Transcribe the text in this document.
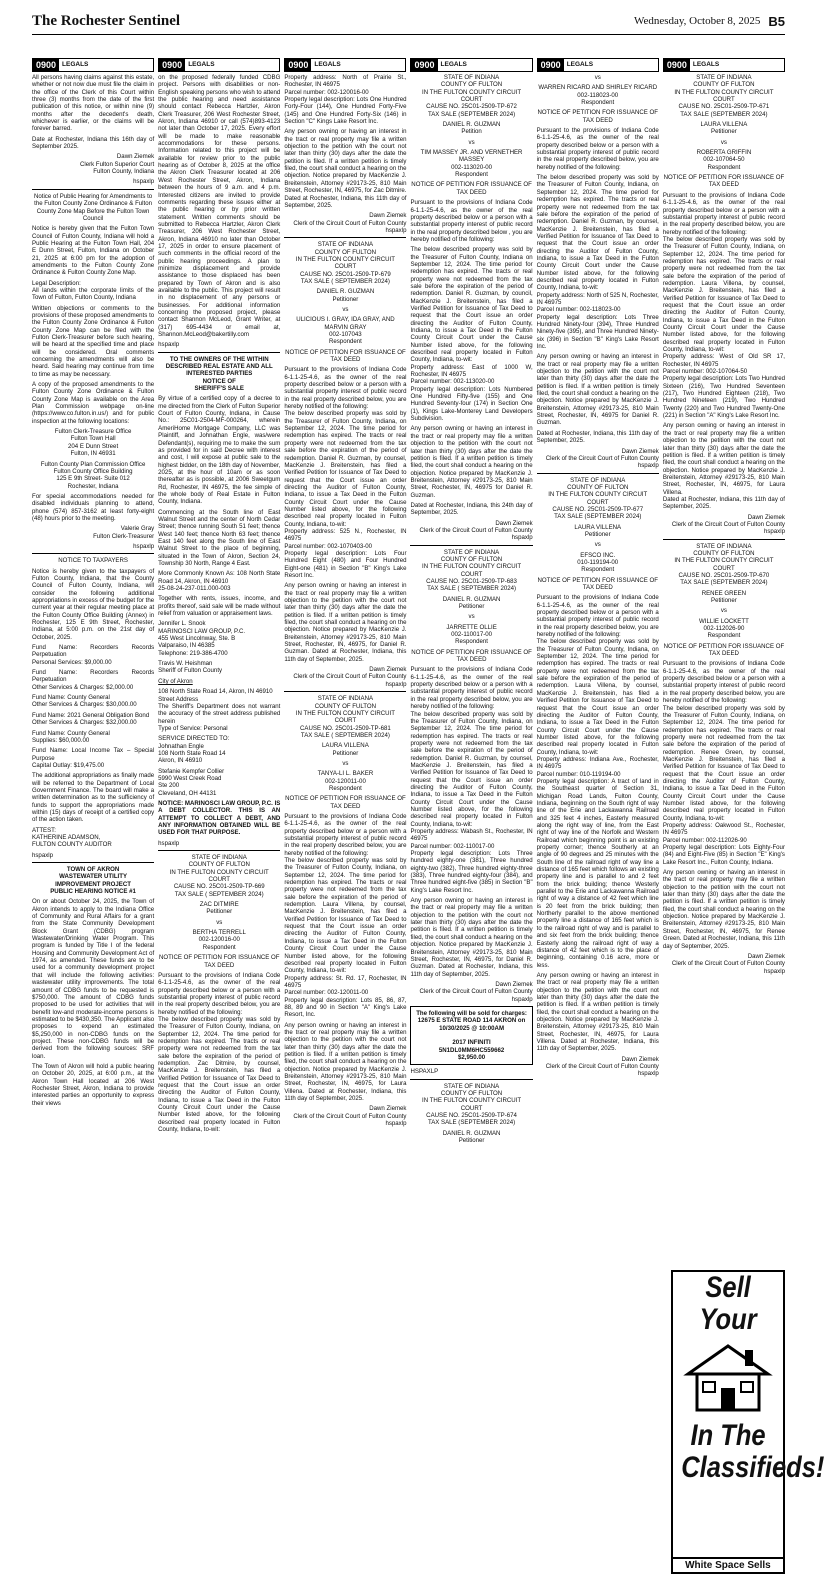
The Rochester Sentinel	Wednesday, October 8, 2025 B5
0900 LEGALS

All persons having claims against this estate, whether or not now due must file the claim in the office of the Clerk of this Court within three (3) months from the date of the first publication of this notice, or within nine (9) months after the decedent's death, whichever is earlier, or the claims will be forever barred.

Date at Rochester, Indiana this 16th day of September 2025.

Dawn Ziemek
Clerk Fulton Superior Court
Fulton County, Indiana

hspaxlp

Notice of Public Hearing for Amendments to the Fulton County Zone Ordinance & Fulton County Zone Map Before the Fulton Town Council

Notice is hereby given that the Fulton Town Council of Fulton County, Indiana will hold a Public Hearing at the Fulton Town Hall, 204 E Dunn Street, Fulton, Indiana on October 21, 2025 at 6:00 pm for the adoption of amendments to the Fulton County Zone Ordinance & Fulton County Zone Map.

Legal Description:
All lands within the corporate limits of the Town of Fulton, Fulton County, Indiana

Written objections or comments to the provisions of these proposed amendments to the Fulton County Zone Ordinance & Fulton County Zone Map can be filed with the Fulton Clerk-Treasurer before such hearing, will be heard at the specified time and place will be considered. Oral comments concerning the amendments will also be heard. Said hearing may continue from time to time as may be necessary.

A copy of the proposed amendments to the Fulton County Zone Ordinance & Fulton County Zone Map is available on the Area Plan Commission webpage on-line (https://www.co.fulton.in.us/) and for public inspection at the following locations:

Fulton Clerk-Treasure Office
Fulton Town Hall
204 E Dunn Street
Fulton, IN 46931

Fulton County Plan Commission Office
Fulton County Office Building
125 E 9th Street- Suite 012
Rochester, Indiana

For special accommodations needed for disabled individuals planning to attend, phone (574) 857-3162 at least forty-eight (48) hours prior to the meeting.

Valerie Gray
Fulton Clerk-Treasurer

hspaxlp

NOTICE TO TAXPAYERS

Notice is hereby given to the taxpayers of Fulton County, Indiana, that the County Council of Fulton County, Indiana, will consider the following additional appropriations in excess of the budget for the current year at their regular meeting place at the Fulton County Office Building (Annex) in Rochester, 125 E 9th Street, Rochester, Indiana, at 5:00 p.m. on the 21st day of October, 2025.

Fund Name: Recorders Records Perpetuation
Personal Services: $9,000.00

Fund Name: Recorders Records Perpetuation
Other Services & Charges: $2,000.00

Fund Name: County General
Other Services & Charges: $30,000.00

Fund Name: 2021 General Obligation Bond
Other Services & Charges: $32,000.00

Fund Name: County General
Supplies: $60,000.00

Fund Name: Local Income Tax – Special Purpose
Capital Outlay: $19,475.00

The additional appropriations as finally made will be referred to the Department of Local Government Finance. The board will make a written determination as to the sufficiency of funds to support the appropriations made within (15) days of receipt of a certified copy of the action taken.

ATTEST:
KATHERINE ADAMSON,
FULTON COUNTY AUDITOR

hspaxlp

TOWN OF AKRON
WASTEWATER UTILITY
IMPROVEMENT PROJECT
PUBLIC HEARING NOTICE #1

On or about October 24, 2025, the Town of Akron intends to apply to the Indiana Office of Community and Rural Affairs for a grant from the State Community Development Block Grant (CDBG) program Wastewater/Drinking Water Program. This program is funded by Title I of the federal Housing and Community Development Act of 1974, as amended. These funds are to be used for a community development project that will include the following activities: wastewater utility improvements. The total amount of CDBG funds to be requested is $750,000. The amount of CDBG funds proposed to be used for activities that will benefit low-and moderate-income persons is estimated to be $430,350. The Applicant also proposes to expend an estimated $5,250,000 in non-CDBG funds on the project. These non-CDBG funds will be derived from the following sources: SRF loan.

The Town of Akron will hold a public hearing on October 20, 2025, at 6:00 p.m., at the Akron Town Hall located at 206 West Rochester Street, Akron, Indiana to provide interested parties an opportunity to express their views

0900 LEGALS

on the proposed federally funded CDBG project. Persons with disabilities or non-English speaking persons who wish to attend the public hearing and need assistance should contact Rebecca Hartzler, Akron Clerk Treasurer, 206 West Rochester Street, Akron, Indiana 46910 or call (574)893-4123 not later than October 17, 2025. Every effort will be made to make reasonable accommodations for these persons. Information related to this project will be available for review prior to the public hearing as of October 8, 2025 at the office the Akron Clerk Treasurer located at 206 West Rochester Street, Akron, Indiana between the hours of 9 a.m. and 4 p.m. Interested citizens are invited to provide comments regarding these issues either at the public hearing or by prior written statement. Written comments should be submitted to Rebecca Hartzler, Akron Clerk Treasurer, 206 West Rochester Street, Akron, Indiana 46910 no later than October 17, 2025 in order to ensure placement of such comments in the official record of the public hearing proceedings. A plan to minimize displacement and provide assistance to those displaced has been prepared by Town of Akron and is also available to the public. This project will result in no displacement of any persons or businesses. For additional information concerning the proposed project, please contact Shannon McLeod, Grant Writer, at (317) 695-4434 or email at, Shannon.McLeod@bakertilly.com

hspaxlp

TO THE OWNERS OF THE WITHIN DESCRIBED REAL ESTATE AND ALL INTERESTED PARTIES
NOTICE OF
SHERIFF'S SALE

By virtue of a certified copy of a decree to me directed from the Clerk of Fulton Superior Court of Fulton County, Indiana, in Cause No.: 25C01-2504-MF-000264, wherein AmeriHome Mortgage Company, LLC was Plaintiff, and Johnathan Engle, was/were Defendant(s), requiring me to make the sum as provided for in said Decree with interest and cost, I will expose at public sale to the highest bidder, on the 18th day of November, 2025, at the hour of 10am or as soon thereafter as is possible, at 2006 Sweetgum Rd, Rochester, IN 46975, the fee simple of the whole body of Real Estate in Fulton County, Indiana.

Commencing at the South line of East Walnut Street and the center of North Cedar Street; thence running South 51 feet; thence West 140 feet; thence North 63 feet; thence East 140 feet along the South line of East Walnut Street to the place of beginning, situated in the Town of Akron, Section 24, Township 30 North, Range 4 East.

More Commonly Known As: 108 North State Road 14, Akron, IN 46910
25-08-24-237-011.000-003

Together with rents, issues, income, and profits thereof, said sale will be made without relief from valuation or appraisement laws.

Jennifer L. Snook
MARINOSCI LAW GROUP, P.C.
455 West Lincolnway, Ste. B
Valparaiso, IN 46385
Telephone: 219-386-4700

Travis W. Heishman
Sheriff of Fulton County

City of Akron

108 North State Road 14, Akron, IN 46910
Street Address
The Sheriff's Department does not warrant the accuracy of the street address published herein
Type of Service: Personal

SERVICE DIRECTED TO:
Johnathan Engle
108 North State Road 14
Akron, IN 46910

Stefanie Kempfer Collier
5990 West Creek Road
Ste 200
Cleveland, OH 44131

NOTICE: MARINOSCI LAW GROUP, P.C. IS A DEBT COLLECTOR. THIS IS AN ATTEMPT TO COLLECT A DEBT, AND ANY INFORMATION OBTAINED WILL BE USED FOR THAT PURPOSE.

hspaxlp

STATE OF INDIANA
COUNTY OF FULTON
IN THE FULTON COUNTY CIRCUIT COURT
CAUSE NO. 25C01-2509-TP-669
TAX SALE ( SEPTEMBER 2024)

ZAC DITMIRE
Petitioner

vs

BERTHA TERRELL
002-120016-00
Respondent

NOTICE OF PETITION FOR ISSUANCE OF TAX DEED

Pursuant to the provisions of Indiana Code 6-1.1-25-4.6, as the owner of the real property described below or a person with a substantial property interest of public record in the real property described below, you are hereby notified of the following:
The below described property was sold by the Treasurer of Fulton County, Indiana, on September 12, 2024. The time period for redemption has expired. The tracts or real property were not redeemed from the tax sale before the expiration of the period of redemption. Zac Ditmire, by counsel, MacKenzie J. Breitenstein, has filed a Verified Petition for Issuance of Tax Deed to request that the Court issue an order directing the Auditor of Fulton County, Indiana, to issue a Tax Deed in the Fulton County Circuit Court under the Cause Number listed above, for the following described real property located in Fulton County, Indiana, to-wit:

0900 LEGALS

Property address: North of Prairie St., Rochester, IN 46975
Parcel number: 002-120016-00
Property legal description: Lots One Hundred Forty-Four (144), One Hundred Forty-Five (145) and One Hundred Forty-Six (146) in Section "C" Kings Lake Resort Inc.

Any person owning or having an interest in the tract or real property may file a written objection to the petition with the court not later than thirty (30) days after the date the petition is filed. If a written petition is timely filed, the court shall conduct a hearing on the objection. Notice prepared by MacKenzie J. Breitenstein, Attorney #29173-25, 810 Main Street, Rochester, IN, 46975, for Zac Ditmire. Dated at Rochester, Indiana, this 11th day of September, 2025.

Dawn Ziemek
Clerk of the Circuit Court of Fulton County
hspaxlp

STATE OF INDIANA
COUNTY OF FULTON
IN THE FULTON COUNTY CIRCUIT COURT
CAUSE NO. 25C01-2509-TP-679
TAX SALE ( SEPTEMBER 2024)

DANIEL R. GUZMAN
Petitioner

vs

ULICIOUS I. GRAY, IDA GRAY, AND MARVIN GRAY
002-107043
Respondent

NOTICE OF PETITION FOR ISSUANCE OF TAX DEED

Pursuant to the provisions of Indiana Code 6-1.1-25-4.6, as the owner of the real property described below or a person with a substantial property interest of public record in the real property described below, you are hereby notified of the following:
The below described property was sold by the Treasurer of Fulton County, Indiana, on September 12, 2024. The time period for redemption has expired. The tracts or real property were not redeemed from the tax sale before the expiration of the period of redemption. Daniel R. Guzman, by counsel, MacKenzie J. Breitenstein, has filed a Verified Petition for Issuance of Tax Deed to request that the Court issue an order directing the Auditor of Fulton County, Indiana, to issue a Tax Deed in the Fulton County Circuit Court under the Cause Number listed above, for the following described real property located in Fulton County, Indiana, to-wit:
Property address: 525 N., Rochester, IN 46975
Parcel number: 002-1070403-00
Property legal description: Lots Four Hundred Eight (480) and Four Hundred Eight-one (481) in Section "B" King's Lake Resort Inc.

Any person owning or having an interest in the tract or real property may file a written objection to the petition with the court not later than thirty (30) days after the date the petition is filed. If a written petition is timely filed, the court shall conduct a hearing on the objection. Notice prepared by MacKenzie J. Breitenstein, Attorney #29173-25, 810 Main Street, Rochester, IN, 46975, for Daniel R. Guzman. Dated at Rochester, Indiana, this 11th day of September, 2025.

Dawn Ziemek
Clerk of the Circuit Court of Fulton County
hspaxlp

STATE OF INDIANA
COUNTY OF FULTON
IN THE FULTON COUNTY CIRCUIT COURT
CAUSE NO. 25C01-2509-TP-681
TAX SALE ( SEPTEMBER 2024)

LAURA VILLENA
Petitioner

vs

TANYA-LI L. BAKER
002-120011-00
Respondent

NOTICE OF PETITION FOR ISSUANCE OF TAX DEED

Pursuant to the provisions of Indiana Code 6-1.1-25-4.6, as the owner of the real property described below or a person with a substantial property interest of public record in the real property described below, you are hereby notified of the following:
The below described property was sold by the Treasurer of Fulton County, Indiana, on September 12, 2024. The time period for redemption has expired. The tracts or real property were not redeemed from the tax sale before the expiration of the period of redemption. Laura Villena, by counsel, MacKenzie J. Breitenstein, has filed a Verified Petition for Issuance of Tax Deed to request that the Court issue an order directing the Auditor of Fulton County, Indiana, to issue a Tax Deed in the Fulton County Circuit Court under the Cause Number listed above, for the following described real property located in Fulton County, Indiana, to-wit:
Property address: St. Rd. 17, Rochester, IN 46975
Parcel number: 002-120011-00
Property legal description: Lots 85, 86, 87, 88, 89 and 90 in Section "A" King's Lake Resort, Inc.

Any person owning or having an interest in the tract or real property may file a written objection to the petition with the court not later than thirty (30) days after the date the petition is filed. If a written petition is timely filed, the court shall conduct a hearing on the objection. Notice prepared by MacKenzie J. Breitenstein, Attorney #29173-25, 810 Main Street, Rochester, IN, 46975, for Laura Villena. Dated at Rochester, Indiana, this 11th day of September, 2025.

Dawn Ziemek
Clerk of the Circuit Court of Fulton County
hspaxlp

0900 LEGALS

STATE OF INDIANA
COUNTY OF FULTON
IN THE FULTON COUNTY CIRCUIT COURT
CAUSE NO. 25C01-2509-TP-672
TAX SALE (SEPTEMBER 2024)

DANIEL R. GUZMAN
Petition

vs

TIM MASSEY JR. AND VERNETHER MASSEY
002-113020-00
Respondent

NOTICE OF PETITION FOR ISSUANCE OF TAX DEED

Pursuant to the provisions of Indiana Code 6-1.1-25-4.6, as the owner of the real property described below or a person with a substantial property interest of public record in the real property described below , you are hereby notified of the following:

The below described property was sold by the Treasurer of Fulton County, Indiana on September 12, 2024. The time period for redemption has expired. The tracts or real property were not redeemed from the tax sale before the expiration of the period of redemption. Daniel R. Guzman, by council, MacKenzie J. Breitenstein, has filed a Verified Petition for Issuance of Tax Deed to request that the Court issue an order directing the Auditor of Fulton County, Indiana, to issue a Tax Deed in the Fulton County Circuit Court under the Cause Number listed above, for the following described real property located in Fulton County, Indiana, to-wit:
Property address: East of 1000 W, Rochester, IN 46975
Parcel number: 002-113020-00
Property legal description: Lots Numbered One Hundred Fifty-five (155) and One Hundred Seventy-four (174) in Section One (1), Kings Lake-Monterey Land Developers Subdivision.

Any person owning or having an interest in the tract or real property may file a written objection to the petition with the court not later than thirty (30) days after the date the petition is filed. If a written petition is timely filed, the court shall conduct a hearing on the objection. Notice prepared by MacKenzie J. Breitenstein, Attorney #29173-25, 810 Main Street, Rochester, IN, 46975 for Daniel R. Guzman.

Dated at Rochester, Indiana, this 24th day of September, 2025.

Dawn Ziemek
Clerk of the Circuit Court of Fulton County
hspaxlp

STATE OF INDIANA
COUNTY OF FULTON
IN THE FULTON COUNTY CIRCUIT COURT
CAUSE NO. 25C01-2509-TP-683
TAX SALE ( SEPTEMBER 2024)

DANIEL R. GUZMAN
Petitioner

vs

JARRETTE OLLIE
002-110017-00
Respondent

NOTICE OF PETITION FOR ISSUANCE OF TAX DEED

Pursuant to the provisions of Indiana Code 6-1.1-25-4.6, as the owner of the real property described below or a person with a substantial property interest of public record in the real property described below, you are hereby notified of the following:
The below described property was sold by the Treasurer of Fulton County, Indiana, on September 12, 2024. The time period for redemption has expired. The tracts or real property were not redeemed from the tax sale before the expiration of the period of redemption. Daniel R. Guzman, by counsel, MacKenzie J. Breitenstein, has filed a Verified Petition for Issuance of Tax Deed to request that the Court issue an order directing the Auditor of Fulton County, Indiana, to issue a Tax Deed in the Fulton County Circuit Court under the Cause Number listed above, for the following described real property located in Fulton County, Indiana, to-wit:
Property address: Wabash St., Rochester, IN 46975
Parcel number: 002-110017-00
Property legal description: Lots Three hundred eighty-one (381), Three hundred eighty-two (382), Three hundred eighty-three (383), Three hundred eighty-four (384), and Three hundred eight-five (385) in Section "B" King's Lake Resort Inc.

Any person owning or having an interest in the tract or real property may file a written objection to the petition with the court not later than thirty (30) days after the date the petition is filed. If a written petition is timely filed, the court shall conduct a hearing on the objection. Notice prepared by MacKenzie J. Breitenstein, Attorney #29173-25, 810 Main Street, Rochester, IN, 46975, for Daniel R. Guzman. Dated at Rochester, Indiana, this 11th day of September, 2025.

Dawn Ziemek
Clerk of the Circuit Court of Fulton County
hspaxlp

The following will be sold for charges:
12675 E STATE ROAD 114 AKRON on 10/30/2025 @ 10:00AM

2017 INFINITI
5N1DL0MM6HC559662
$2,950.00

HSPAXLP

STATE OF INDIANA
COUNTY OF FULTON
IN THE FULTON COUNTY CIRCUIT COURT
CAUSE NO. 25C01-2509-TP-674
TAX SALE (SEPTEMBER 2024)

DANIEL R. GUZMAN
Petitioner

0900 LEGALS

vs

WARREN RICARD AND SHIRLEY RICARD
002-118023-00
Respondent

NOTICE OF PETITION FOR ISSUANCE OF TAX DEED

Pursuant to the provisions of Indiana Code 6-1.1-25-4.6, as the owner of the real property described below or a person with a substantial property interest of public record in the real property described below, you are hereby notified of the following:

The below described property was sold by the Treasurer of Fulton County, Indiana, on September 12, 2024. The time period for redemption has expired. The tracts or real property were not redeemed from the tax sale before the expiration of the period of redemption. Daniel R. Guzman, by counsel, MacKenzie J. Breitenstein, has filed a Verified Petition for Issuance of Tax Deed to request that the Court issue an order directing the Auditor of Fulton County, Indiana, to issue a Tax Deed in the Fulton County Circuit Court under the Cause Number listed above, for the following described real property located in Fulton County, Indiana, to-wit:
Property address: North of 525 N, Rochester, IN 46975
Parcel number: 002-118023-00
Property legal description: Lots Three Hundred Ninety-four (394), Three Hundred Ninety-five (395), and Three Hundred Ninety-six (396) in Section "B" King's Lake Resort Inc.

Any person owning or having an interest in the tract or real property may file a written objection to the petition with the court not later than thirty (30) days after the date the petition is filed. If a written petition is timely filed, the court shall conduct a hearing on the objection. Notice prepared by MacKenzie J. Breitenstein, Attorney #29173-25, 810 Main Street, Rochester, IN, 46975 for Daniel R. Guzman.

Dated at Rochester, Indiana, this 11th day of September, 2025.

Dawn Ziemek
Clerk of the Circuit Court of Fulton County
hspaxlp

STATE OF INDIANA
COUNTY OF FULTON
IN THE FULTON COUNTY CIRCUIT COURT
CAUSE NO. 25C01-2509-TP-677
TAX SALE (SEPTEMBER 2024)

LAURA VILLENA
Petitioner

vs

EFSCO INC.
010-119194-00
Respondent

NOTICE OF PETITION FOR ISSUANCE OF TAX DEED

Pursuant to the provisions of Indiana Code 6-1.1-25-4.6, as the owner of the real property described below or a person with a substantial property interest of public record in the real property described below, you are hereby notified of the following:
The below described property was sold by the Treasurer of Fulton County, Indiana, on September 12, 2024. The time period for redemption has expired. The tracts or real property were not redeemed from the tax sale before the expiration of the period of redemption. Laura Villena, by counsel, MacKenzie J. Breitenstein, has filed a Verified Petition for Issuance of Tax Deed to request that the Court issue an order directing the Auditor of Fulton County, Indiana, to issue a Tax Deed in the Fulton County Circuit Court under the Cause Number listed above, for the following described real property located in Fulton County, Indiana, to-wit:
Property address: Indiana Ave., Rochester, IN 46975
Parcel number: 010-119194-00
Property legal description: A tract of land in the Southeast quarter of Section 31, Michigan Road Lands, Fulton County, Indiana, beginning on the South right of way line of the Erie and Lackawanna Railroad and 325 feet 4 inches, Easterly measured along the right way of line, from the East right of way line of the Norfolk and Western Railroad which beginning point is an existing property corner; thence Southerly at an angle of 90 degrees and 25 minutes with the South line of the railroad right of way line a distance of 165 feet which follows an existing property line and is parallel to and 2 feet from the brick building; thence Westerly parallel to the Erie and Lackawanna Railroad right of way a distance of 42 feet which line is 20 feet from the brick building; then Northerly parallel to the above mentioned property line a distance of 165 feet which is to the railroad right of way and is parallel to and six feet from the brick building; thence Easterly along the railroad right of way a distance of 42 feet which is to the place of beginning, containing 0.16 acre, more or less.

Any person owning or having an interest in the tract or real property may file a written objection to the petition with the court not later than thirty (30) days after the date the petition is filed. If a written petition is timely filed, the court shall conduct a hearing on the objection. Notice prepared by MacKenzie J. Breitenstein, Attorney #29173-25, 810 Main Street, Rochester, IN, 46975, for Laura Villena. Dated at Rochester, Indiana, this 11th day of September, 2025.

Dawn Ziemek
Clerk of the Circuit Court of Fulton County
hspaxlp

0900 LEGALS

STATE OF INDIANA
COUNTY OF FULTON
IN THE FULTON COUNTY CIRCUIT COURT
CAUSE NO. 25C01-2509-TP-671
TAX SALE (SEPTEMBER 2024)

LAURA VILLENA
Petitioner

vs

ROBERTA GRIFFIN
002-107064-50
Respondent

NOTICE OF PETITION FOR ISSUANCE OF TAX DEED

Pursuant to the provisions of Indiana Code 6-1.1-25-4.6, as the owner of the real property described below or a person with a substantial property interest of public record in the real property described below, you are hereby notified of the following:
The below described property was sold by the Treasurer of Fulton County, Indiana, on September 12, 2024. The time period for redemption has expired. The tracts or real property were not redeemed from the tax sale before the expiration of the period of redemption. Laura Villena, by counsel, MacKenzie J. Breitenstein, has filed a Verified Petition for Issuance of Tax Deed to request that the Court issue an order directing the Auditor of Fulton County, Indiana, to issue a Tax Deed in the Fulton County Circuit Court under the Cause Number listed above, for the following described real property located in Fulton County, Indiana, to-wit:
Property address: West of Old SR 17, Rochester, IN 46975
Parcel number: 002-107064-50
Property legal description: Lots Two Hundred Sixteen (216), Two Hundred Seventeen (217), Two Hundred Eighteen (218), Two Hundred Nineteen (219), Two Hundred Twenty (220) and Two Hundred Twenty-One (221) in Section "A" King's Lake Resort Inc.

Any person owning or having an interest in the tract or real property may file a written objection to the petition with the court not later than thirty (30) days after the date the petition is filed. If a written petition is timely filed, the court shall conduct a hearing on the objection. Notice prepared by MacKenzie J. Breitenstein, Attorney #29173-25, 810 Main Street, Rochester, IN, 46975, for Laura Villena.
Dated at Rochester, Indiana, this 11th day of September, 2025.

Dawn Ziemek
Clerk of the Circuit Court of Fulton County
hspaxlp

STATE OF INDIANA
COUNTY OF FULTON
IN THE FULTON COUNTY CIRCUIT COURT
CAUSE NO. 25C01-2509-TP-670
TAX SALE (SEPTEMBER 2024)

RENEE GREEN
Petitioner

vs

WILLIE LOCKETT
002-112026-90
Respondent

NOTICE OF PETITION FOR ISSUANCE OF TAX DEED

Pursuant to the provisions of Indiana Code 6-1.1-25-4.6, as the owner of the real property described below or a person with a substantial property interest of public record in the real property described below, you are hereby notified of the following:
The below described property was sold by the Treasurer of Fulton County, Indiana, on September 12, 2024. The time period for redemption has expired. The tracts or real property were not redeemed from the tax sale before the expiration of the period of redemption. Renee Green, by counsel, MacKenzie J. Breitenstein, has filed a Verified Petition for Issuance of Tax Deed to request that the Court issue an order directing the Auditor of Fulton County, Indiana, to issue a Tax Deed in the Fulton County Circuit Court under the Cause Number listed above, for the following described real property located in Fulton County, Indiana, to-wit:
Property address: Oakwood St., Rochester, IN 46975
Parcel number: 002-112026-90
Property legal description: Lots Eighty-Four (84) and Eight-Five (85) in Section "E" King's Lake Resort Inc., Fulton County, Indiana.

Any person owning or having an interest in the tract or real property may file a written objection to the petition with the court not later than thirty (30) days after the date the petition is filed. If a written petition is timely filed, the court shall conduct a hearing on the objection. Notice prepared by MacKenzie J. Breitenstein, Attorney #29173-25, 810 Main Street, Rochester, IN, 46975, for Renee Green. Dated at Rochester, Indiana, this 11th day of September, 2025.

Dawn Ziemek
Clerk of the Circuit Court of Fulton County
hspaxlp

Sell Your
In The
Classifieds!
White Space Sells
